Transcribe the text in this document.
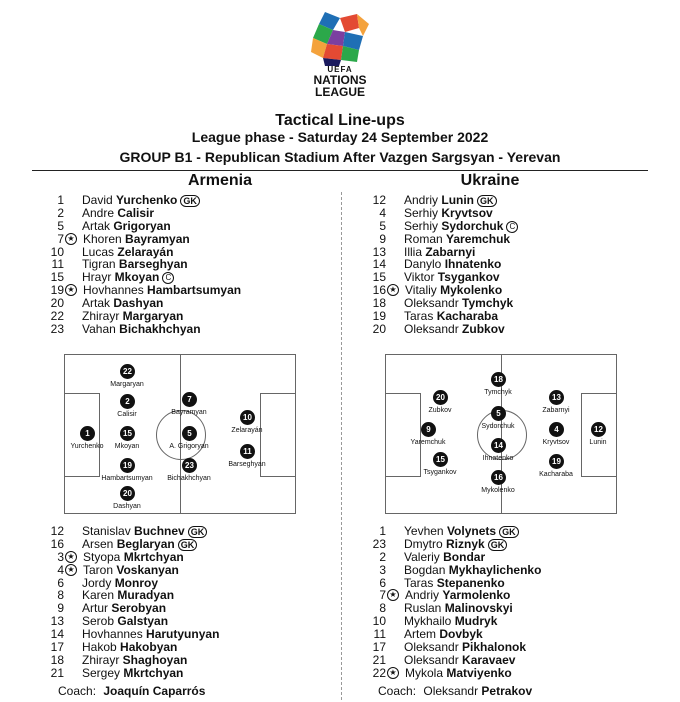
UEFA
NATIONS
LEAGUE
Tactical Line-ups
League phase - Saturday 24 September 2022
GROUP B1 - Republican Stadium After Vazgen Sargsyan - Yerevan
Armenia	Ukraine
1 David Yurchenko GK
2 Andre Calisir
5 Artak Grigoryan
7 ★ Khoren Bayramyan
10 Lucas Zelarayán
11 Tigran Barseghyan
15 Hrayr Mkoyan C
19 ★ Hovhannes Hambartsumyan
20 Artak Dashyan
22 Zhirayr Margaryan
23 Vahan Bichakhchyan
12 Andriy Lunin GK
4 Serhiy Kryvtsov
5 Serhiy Sydorchuk C
9 Roman Yaremchuk
13 Illia Zabarnyi
14 Danylo Ihnatenko
15 Viktor Tsygankov
16 ★ Vitaliy Mykolenko
18 Oleksandr Tymchyk
19 Taras Kacharaba
20 Oleksandr Zubkov
22
Margaryan
2
Calisir
1
Yurchenko
15
Mkoyan
19
Hambartsumyan
20
Dashyan
7
Bayramyan
5
A. Grigoryan
23
Bichakhchyan
10
Zelarayán
11
Barseghyan
20
Zubkov
9
Yaremchuk
15
Tsygankov
18
Tymchyk
5
Sydorchuk
14
Ihnatenko
16
Mykolenko
13
Zabarnyi
4
Kryvtsov
19
Kacharaba
12
Lunin
12 Stanislav Buchnev GK
16 Arsen Beglaryan GK
3 ★ Styopa Mkrtchyan
4 ★ Taron Voskanyan
6 Jordy Monroy
8 Karen Muradyan
9 Artur Serobyan
13 Serob Galstyan
14 Hovhannes Harutyunyan
17 Hakob Hakobyan
18 Zhirayr Shaghoyan
21 Sergey Mkrtchyan
1 Yevhen Volynets GK
23 Dmytro Riznyk GK
2 Valeriy Bondar
3 Bogdan Mykhaylichenko
6 Taras Stepanenko
7 ★ Andriy Yarmolenko
8 Ruslan Malinovskyi
10 Mykhailo Mudryk
11 Artem Dovbyk
17 Oleksandr Pikhalonok
21 Oleksandr Karavaev
22 ★ Mykola Matviyenko
Coach: Joaquín Caparrós	Coach: Oleksandr Petrakov
